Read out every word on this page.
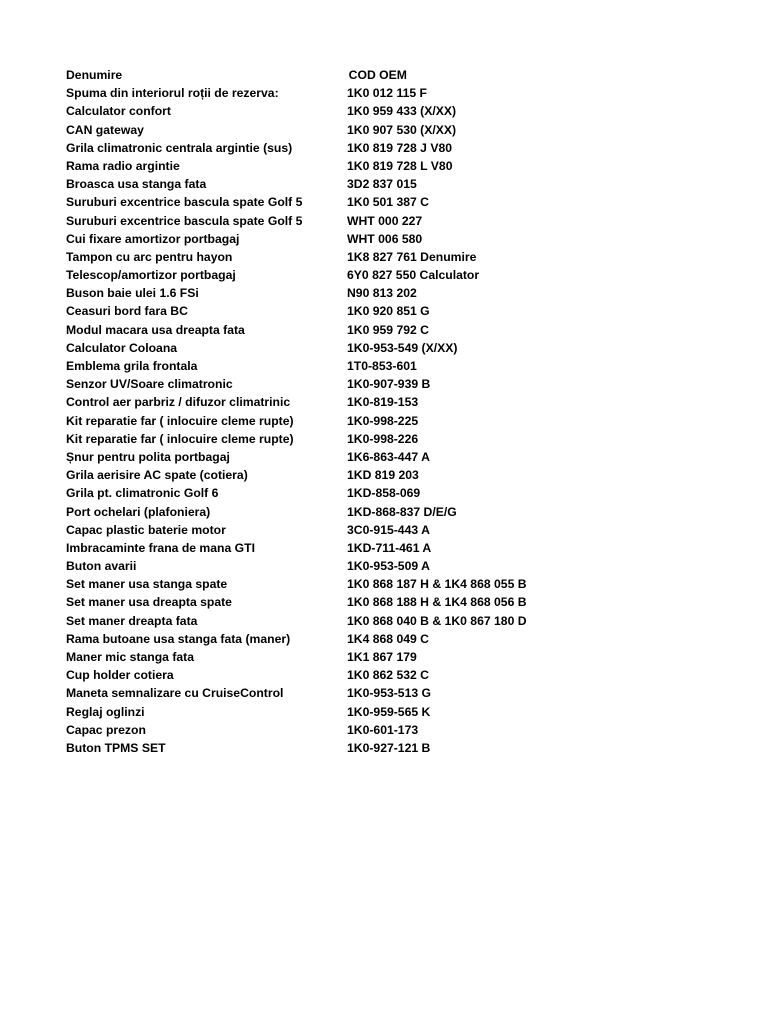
Denumire	COD OEM
Spuma din interiorul roții de rezerva:	1K0 012 115 F
Calculator confort	1K0 959 433 (X/XX)
CAN gateway	1K0 907 530 (X/XX)
Grila climatronic centrala argintie (sus)	1K0 819 728 J V80
Rama radio argintie	1K0 819 728 L V80
Broasca usa stanga fata	3D2 837 015
Suruburi excentrice bascula spate Golf 5	1K0 501 387 C
Suruburi excentrice bascula spate Golf 5	WHT 000 227
Cui fixare amortizor portbagaj	WHT 006 580
Tampon cu arc pentru hayon	1K8 827 761 Denumire
Telescop/amortizor portbagaj	6Y0 827 550 Calculator
Buson baie ulei 1.6 FSi	N90 813 202
Ceasuri bord fara BC	1K0 920 851 G
Modul macara usa dreapta fata	1K0 959 792 C
Calculator Coloana	1K0-953-549 (X/XX)
Emblema grila frontala	1T0-853-601
Senzor UV/Soare climatronic	1K0-907-939 B
Control aer parbriz / difuzor climatrinic	1K0-819-153
Kit reparatie far ( inlocuire cleme rupte)	1K0-998-225
Kit reparatie far ( inlocuire cleme rupte)	1K0-998-226
Șnur pentru polita portbagaj	1K6-863-447 A
Grila aerisire AC spate (cotiera)	1KD 819 203
Grila pt. climatronic Golf 6	1KD-858-069
Port ochelari (plafoniera)	1KD-868-837 D/E/G
Capac plastic baterie motor	3C0-915-443 A
Imbracaminte frana de mana GTI	1KD-711-461 A
Buton avarii	1K0-953-509 A
Set maner usa stanga spate	1K0 868 187 H & 1K4 868 055 B
Set maner usa dreapta spate	1K0 868 188 H & 1K4 868 056 B
Set maner dreapta fata	1K0 868 040 B & 1K0 867 180 D
Rama butoane usa stanga fata (maner)	1K4 868 049 C
Maner mic stanga fata	1K1 867 179
Cup holder cotiera	1K0 862 532 C
Maneta semnalizare cu CruiseControl	1K0-953-513 G
Reglaj oglinzi	1K0-959-565 K
Capac prezon	1K0-601-173
Buton TPMS SET	1K0-927-121 B
